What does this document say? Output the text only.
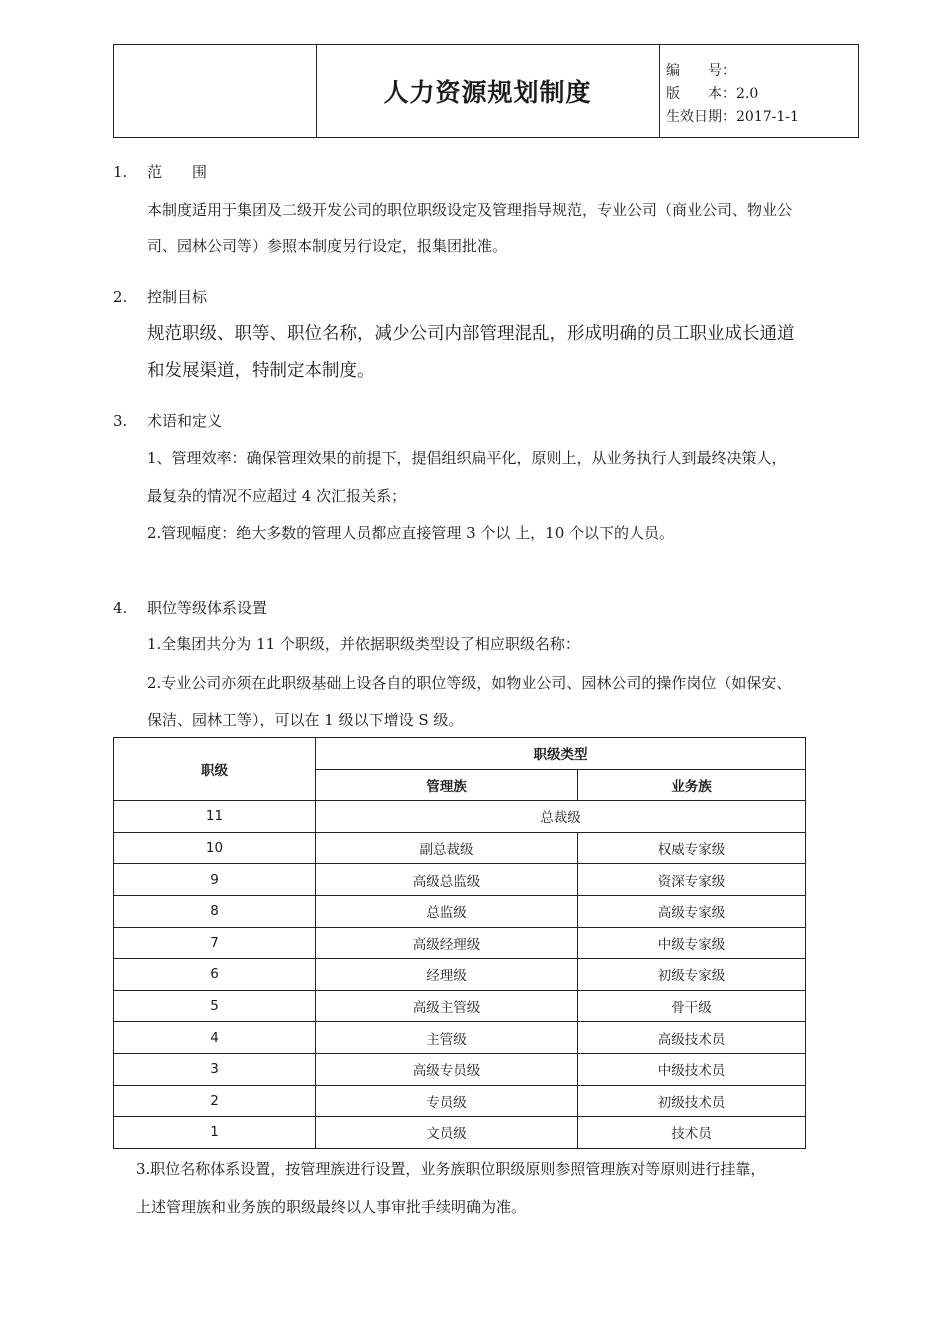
人力资源规划制度
编　　号：
版　　本：2.0
生效日期：2017-1-1
1. 范　　围
本制度适用于集团及二级开发公司的职位职级设定及管理指导规范，专业公司（商业公司、物业公
司、园林公司等）参照本制度另行设定，报集团批准。
2. 控制目标
规范职级、职等、职位名称，减少公司内部管理混乱，形成明确的员工职业成长通道
和发展渠道，特制定本制度。
3. 术语和定义
1、管理效率：确保管理效果的前提下，提倡组织扁平化，原则上，从业务执行人到最终决策人，
最复杂的情况不应超过 4 次汇报关系；
2.管现幅度：绝大多数的管理人员都应直接管理 3 个以 上，10 个以下的人员。
4. 职位等级体系设置
1.全集团共分为 11 个职级，并依据职级类型设了相应职级名称：
2.专业公司亦须在此职级基础上设各自的职位等级，如物业公司、园林公司的操作岗位（如保安、
保洁、园林工等），可以在 1 级以下增设 S 级。
职级	职级类型	
	管理族	业务族
11	总裁级	
10	副总裁级	权威专家级
9	高级总监级	资深专家级
8	总监级	高级专家级
7	高级经理级	中级专家级
6	经理级	初级专家级
5	高级主管级	骨干级
4	主管级	高级技术员
3	高级专员级	中级技术员
2	专员级	初级技术员
1	文员级	技术员
3.职位名称体系设置，按管理族进行设置，业务族职位职级原则参照管理族对等原则进行挂靠，
上述管理族和业务族的职级最终以人事审批手续明确为准。
